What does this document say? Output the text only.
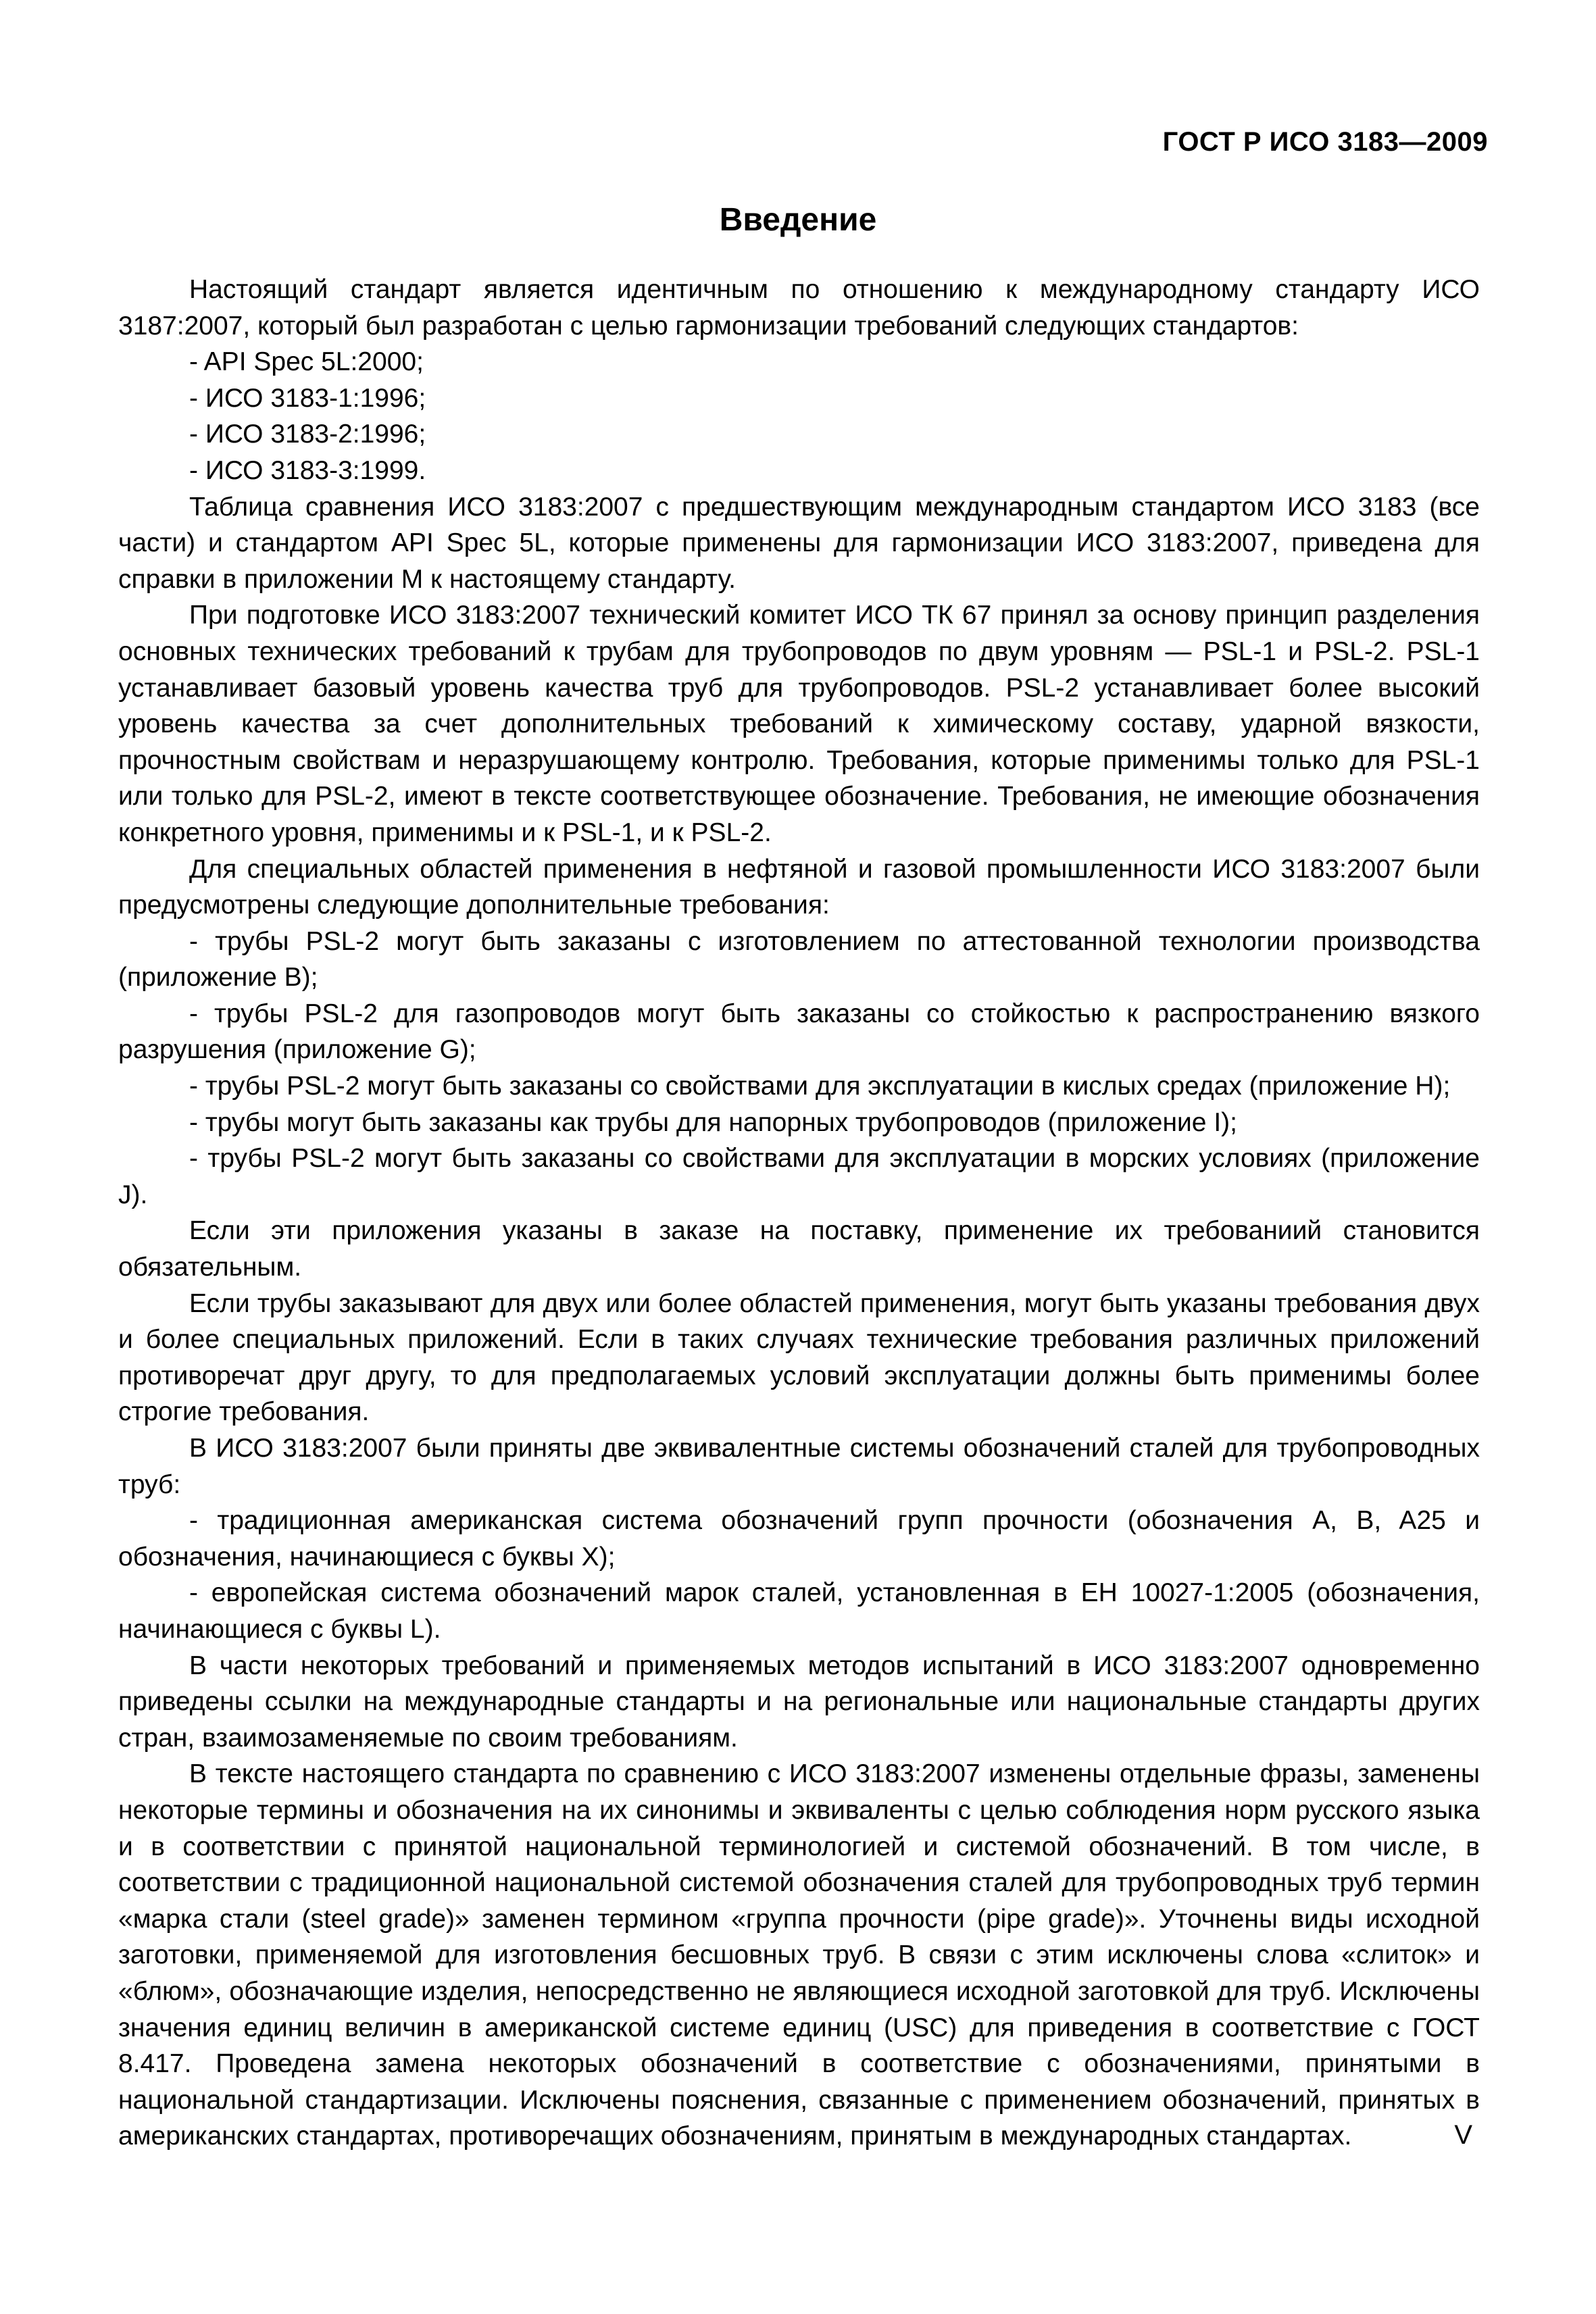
ГОСТ Р ИСО 3183—2009
Введение

Настоящий стандарт является идентичным по отношению к международному стандарту ИСО 3187:2007, который был разработан с целью гармонизации требований следующих стандартов:

- API Spec 5L:2000;

- ИСО 3183-1:1996;

- ИСО 3183-2:1996;

- ИСО 3183-3:1999.

Таблица сравнения ИСО 3183:2007 с предшествующим международным стандартом ИСО 3183 (все части) и стандартом API Spec 5L, которые применены для гармонизации ИСО 3183:2007, приведена для справки в приложении M к настоящему стандарту.

При подготовке ИСО 3183:2007 технический комитет ИСО ТК 67 принял за основу принцип разделения основных технических требований к трубам для трубопроводов по двум уровням — PSL-1 и PSL-2. PSL-1 устанавливает базовый уровень качества труб для трубопроводов. PSL-2 устанавливает более высокий уровень качества за счет дополнительных требований к химическому составу, ударной вязкости, прочностным свойствам и неразрушающему контролю. Требования, которые применимы только для PSL-1 или только для PSL-2, имеют в тексте соответствующее обозначение. Требования, не имеющие обозначения конкретного уровня, применимы и к PSL-1, и к PSL-2.

Для специальных областей применения в нефтяной и газовой промышленности ИСО 3183:2007 были предусмотрены следующие дополнительные требования:

- трубы PSL-2 могут быть заказаны с изготовлением по аттестованной технологии производства (приложение В);

- трубы PSL-2 для газопроводов могут быть заказаны со стойкостью к распространению вязкого разрушения (приложение G);

- трубы PSL-2 могут быть заказаны со свойствами для эксплуатации в кислых средах (приложение H);

- трубы могут быть заказаны как трубы для напорных трубопроводов (приложение I);

- трубы PSL-2 могут быть заказаны со свойствами для эксплуатации в морских условиях (приложение J).

Если эти приложения указаны в заказе на поставку, применение их требованиий становится обязательным.

Если трубы заказывают для двух или более областей применения, могут быть указаны требования двух и более специальных приложений. Если в таких случаях технические требования различных приложений противоречат друг другу, то для предполагаемых условий эксплуатации должны быть применимы более строгие требования.

В ИСО 3183:2007 были приняты две эквивалентные системы обозначений сталей для трубопроводных труб:

- традиционная американская система обозначений групп прочности (обозначения A, B, A25 и обозначения, начинающиеся с буквы X);

- европейская система обозначений марок сталей, установленная в ЕН 10027-1:2005 (обозначения, начинающиеся с буквы L).

В части некоторых требований и применяемых методов испытаний в ИСО 3183:2007 одновременно приведены ссылки на международные стандарты и на региональные или национальные стандарты других стран, взаимозаменяемые по своим требованиям.

В тексте настоящего стандарта по сравнению с ИСО 3183:2007 изменены отдельные фразы, заменены некоторые термины и обозначения на их синонимы и эквиваленты с целью соблюдения норм русского языка и в соответствии с принятой национальной терминологией и системой обозначений. В том числе, в соответствии с традиционной национальной системой обозначения сталей для трубопроводных труб термин «марка стали (steel grade)» заменен термином «группа прочности (pipe grade)». Уточнены виды исходной заготовки, применяемой для изготовления бесшовных труб. В связи с этим исключены слова «слиток» и «блюм», обозначающие изделия, непосредственно не являющиеся исходной заготовкой для труб. Исключены значения единиц величин в американской системе единиц (USC) для приведения в соответствие с ГОСТ 8.417. Проведена замена некоторых обозначений в соответствие с обозначениями, принятыми в национальной стандартизации. Исключены пояснения, связанные с применением обозначений, принятых в американских стандартах, противоречащих обозначениям, принятым в международных стандартах.	V
